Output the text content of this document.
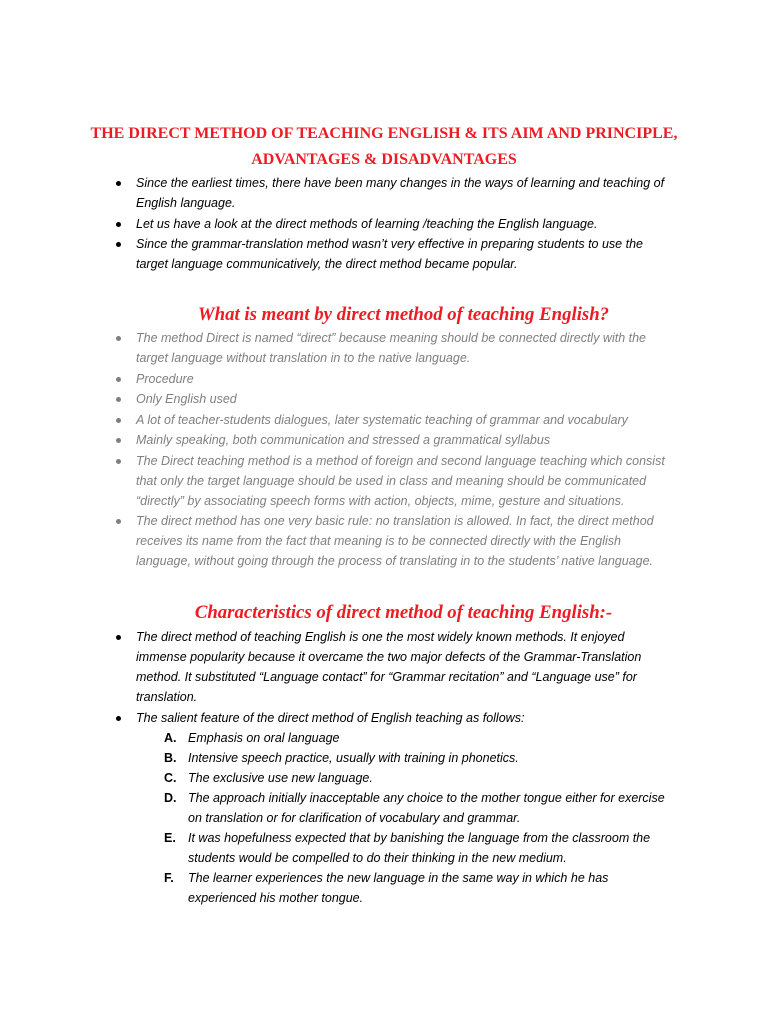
THE DIRECT METHOD OF TEACHING ENGLISH & ITS AIM AND PRINCIPLE, ADVANTAGES & DISADVANTAGES
Since the earliest times, there have been many changes in the ways of learning and teaching of English language.
Let us have a look at the direct methods of learning /teaching the English language.
Since the grammar-translation method wasn’t very effective in preparing students to use the target language communicatively, the direct method became popular.
What is meant by direct method of teaching English?
The method Direct is named “direct” because meaning should be connected directly with the target language without translation in to the native language.
Procedure
Only English used
A lot of teacher-students dialogues, later systematic teaching of grammar and vocabulary
Mainly speaking, both communication and stressed a grammatical syllabus
The Direct teaching method is a method of foreign and second language teaching which consist that only the target language should be used in class and meaning should be communicated “directly” by associating speech forms with action, objects, mime, gesture and situations.
The direct method has one very basic rule: no translation is allowed. In fact, the direct method receives its name from the fact that meaning is to be connected directly with the English language, without going through the process of translating in to the students’ native language.
Characteristics of direct method of teaching English:-
The direct method of teaching English is one the most widely known methods. It enjoyed immense popularity because it overcame the two major defects of the Grammar-Translation method. It substituted “Language contact” for “Grammar recitation” and “Language use” for translation.
The salient feature of the direct method of English teaching as follows:
A. Emphasis on oral language
B. Intensive speech practice, usually with training in phonetics.
C. The exclusive use new language.
D. The approach initially inacceptable any choice to the mother tongue either for exercise on translation or for clarification of vocabulary and grammar.
E. It was hopefulness expected that by banishing the language from the classroom the students would be compelled to do their thinking in the new medium.
F. The learner experiences the new language in the same way in which he has experienced his mother tongue.
